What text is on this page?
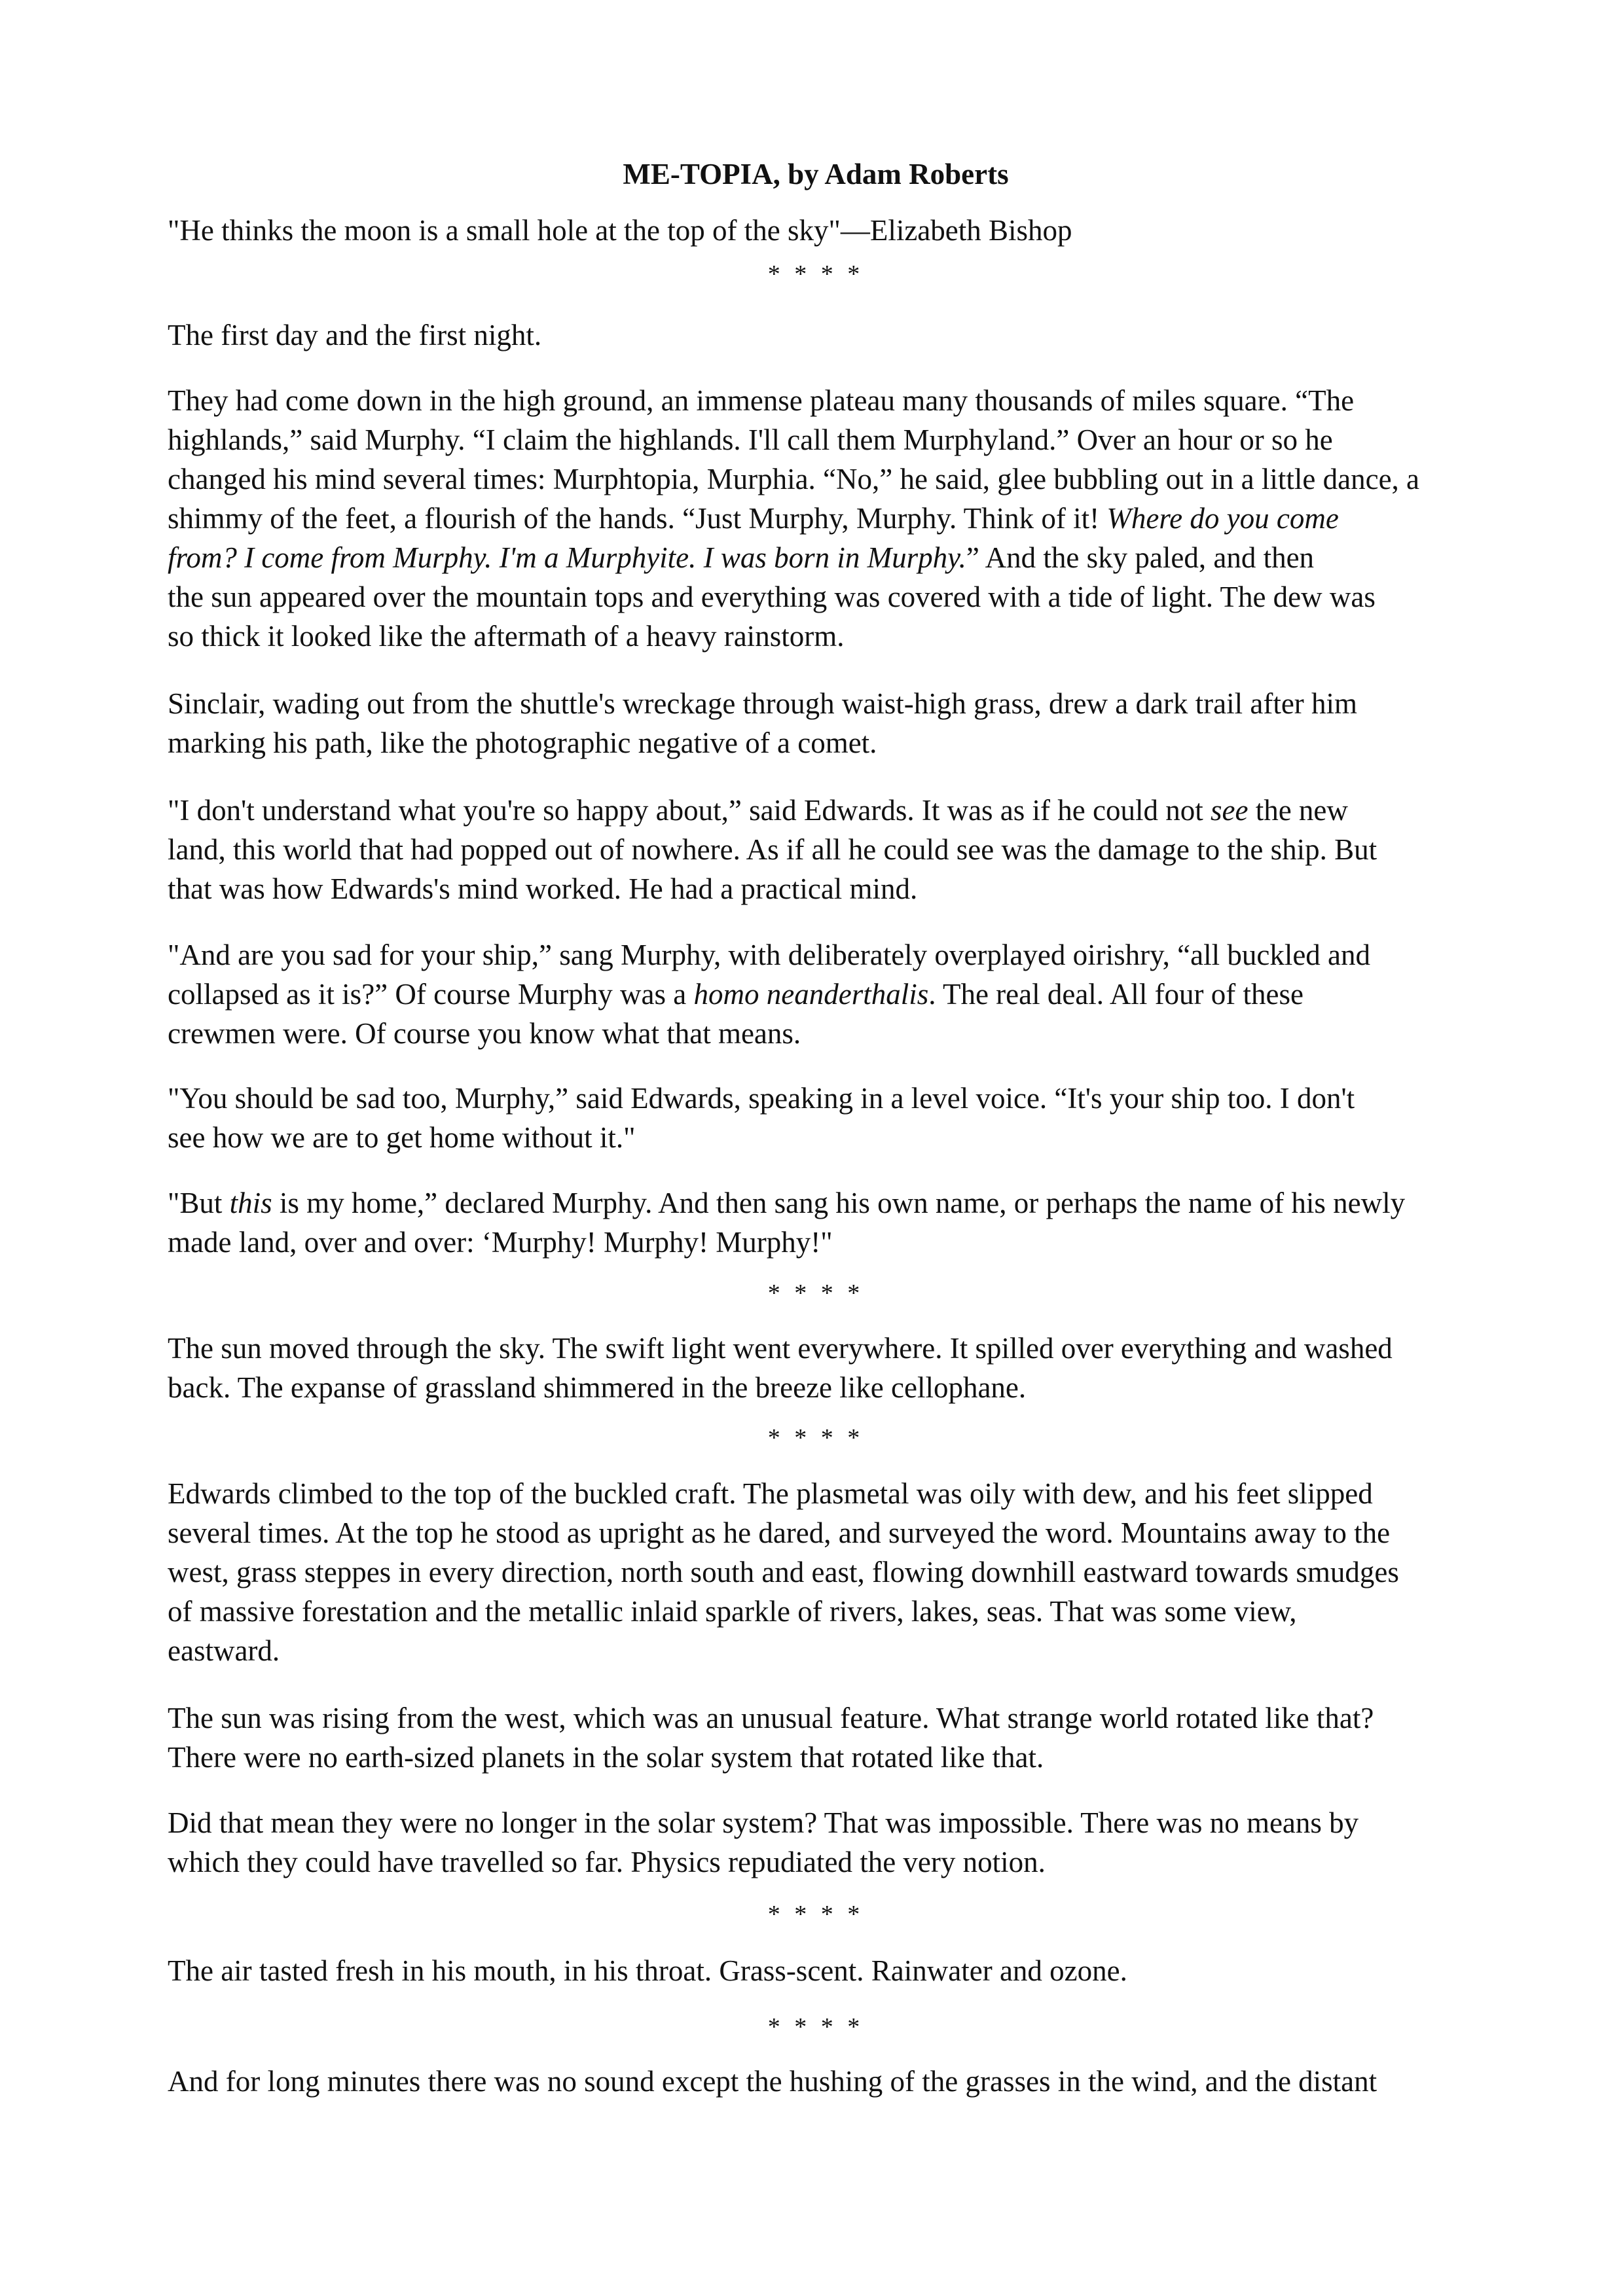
ME-TOPIA, by Adam Roberts

"He thinks the moon is a small hole at the top of the sky"—Elizabeth Bishop

* * * *

The first day and the first night.

They had come down in the high ground, an immense plateau many thousands of miles square. “The
highlands,” said Murphy. “I claim the highlands. I'll call them Murphyland.” Over an hour or so he
changed his mind several times: Murphtopia, Murphia. “No,” he said, glee bubbling out in a little dance, a
shimmy of the feet, a flourish of the hands. “Just Murphy, Murphy. Think of it! Where do you come
from? I come from Murphy. I'm a Murphyite. I was born in Murphy.” And the sky paled, and then
the sun appeared over the mountain tops and everything was covered with a tide of light. The dew was
so thick it looked like the aftermath of a heavy rainstorm.

Sinclair, wading out from the shuttle's wreckage through waist-high grass, drew a dark trail after him
marking his path, like the photographic negative of a comet.

"I don't understand what you're so happy about,” said Edwards. It was as if he could not see the new
land, this world that had popped out of nowhere. As if all he could see was the damage to the ship. But
that was how Edwards's mind worked. He had a practical mind.

"And are you sad for your ship,” sang Murphy, with deliberately overplayed oirishry, “all buckled and
collapsed as it is?” Of course Murphy was a homo neanderthalis. The real deal. All four of these
crewmen were. Of course you know what that means.

"You should be sad too, Murphy,” said Edwards, speaking in a level voice. “It's your ship too. I don't
see how we are to get home without it."

"But this is my home,” declared Murphy. And then sang his own name, or perhaps the name of his newly
made land, over and over: ‘Murphy! Murphy! Murphy!"

* * * *

The sun moved through the sky. The swift light went everywhere. It spilled over everything and washed
back. The expanse of grassland shimmered in the breeze like cellophane.

* * * *

Edwards climbed to the top of the buckled craft. The plasmetal was oily with dew, and his feet slipped
several times. At the top he stood as upright as he dared, and surveyed the word. Mountains away to the
west, grass steppes in every direction, north south and east, flowing downhill eastward towards smudges
of massive forestation and the metallic inlaid sparkle of rivers, lakes, seas. That was some view,
eastward.

The sun was rising from the west, which was an unusual feature. What strange world rotated like that?
There were no earth-sized planets in the solar system that rotated like that.

Did that mean they were no longer in the solar system? That was impossible. There was no means by
which they could have travelled so far. Physics repudiated the very notion.

* * * *

The air tasted fresh in his mouth, in his throat. Grass-scent. Rainwater and ozone.

* * * *

And for long minutes there was no sound except the hushing of the grasses in the wind, and the distant
